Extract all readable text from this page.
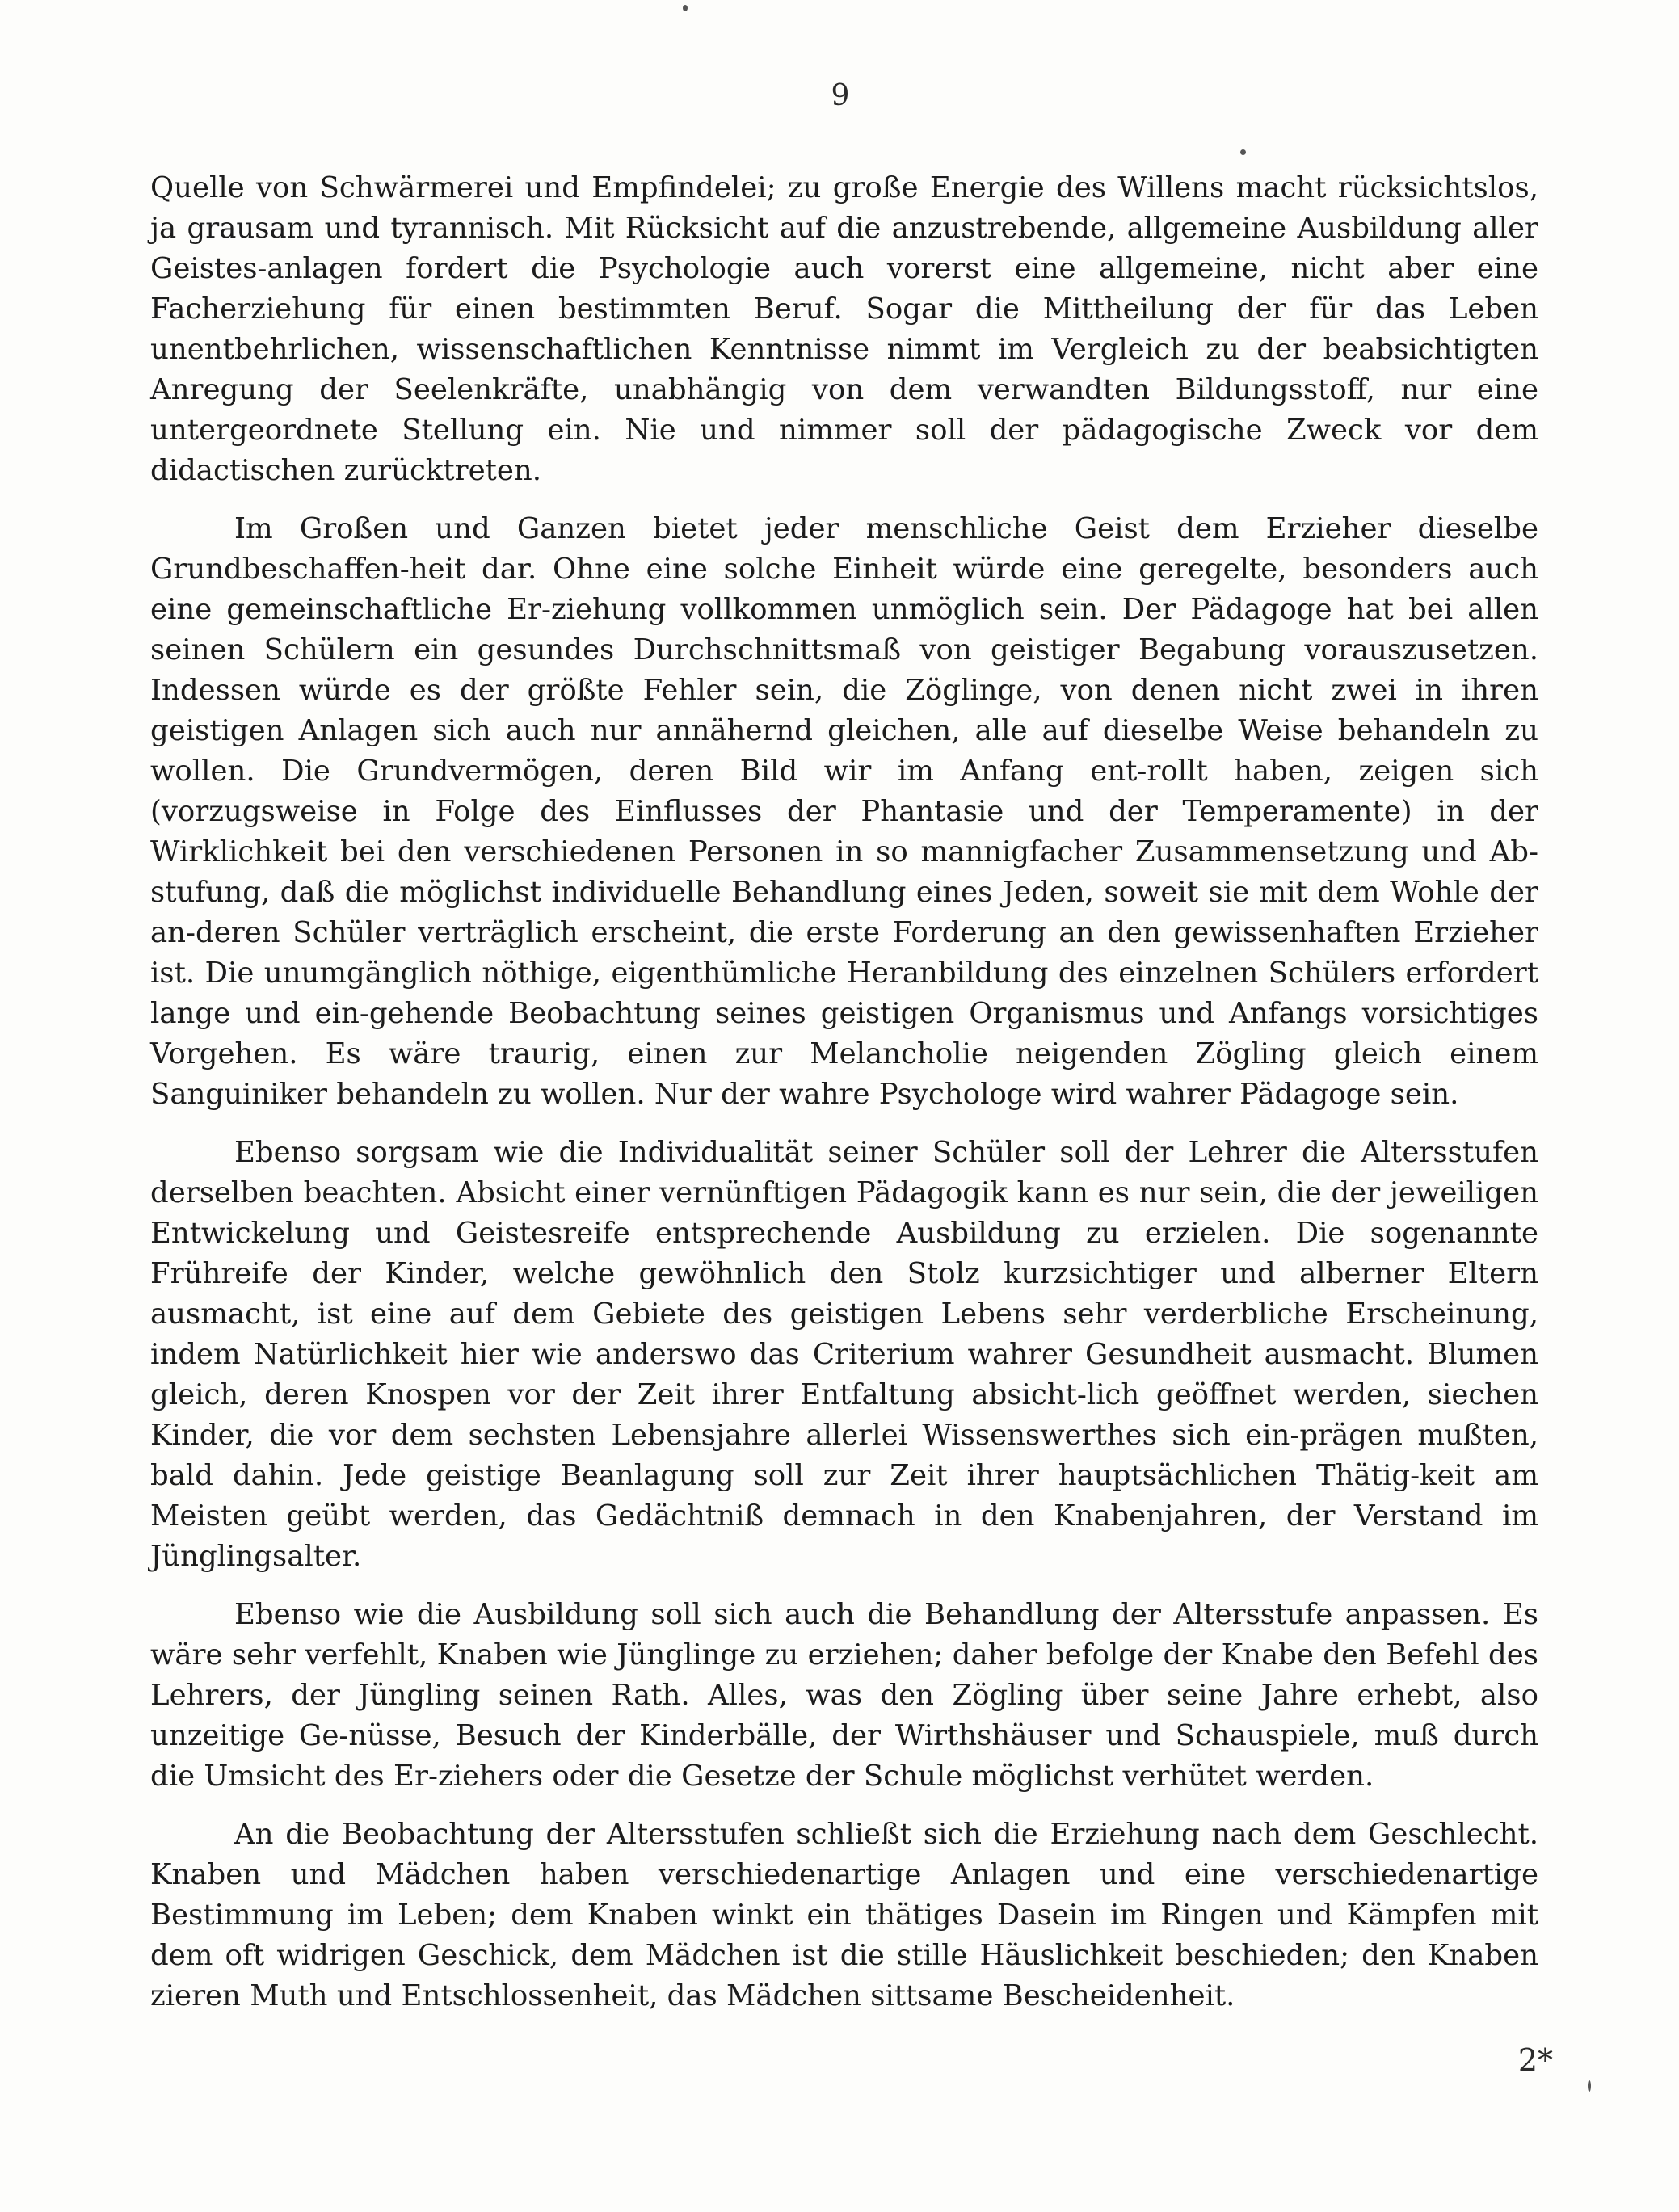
9

Quelle von Schwärmerei und Empfindelei; zu große Energie des Willens macht rücksichtslos, ja grausam und tyrannisch. Mit Rücksicht auf die anzustrebende, allgemeine Ausbildung aller Geistes-anlagen fordert die Psychologie auch vorerst eine allgemeine, nicht aber eine Facherziehung für einen bestimmten Beruf. Sogar die Mittheilung der für das Leben unentbehrlichen, wissenschaftlichen Kenntnisse nimmt im Vergleich zu der beabsichtigten Anregung der Seelenkräfte, unabhängig von dem verwandten Bildungsstoff, nur eine untergeordnete Stellung ein. Nie und nimmer soll der pädagogische Zweck vor dem didactischen zurücktreten.

Im Großen und Ganzen bietet jeder menschliche Geist dem Erzieher dieselbe Grundbeschaffen-heit dar. Ohne eine solche Einheit würde eine geregelte, besonders auch eine gemeinschaftliche Er-ziehung vollkommen unmöglich sein. Der Pädagoge hat bei allen seinen Schülern ein gesundes Durchschnittsmaß von geistiger Begabung vorauszusetzen. Indessen würde es der größte Fehler sein, die Zöglinge, von denen nicht zwei in ihren geistigen Anlagen sich auch nur annähernd gleichen, alle auf dieselbe Weise behandeln zu wollen. Die Grundvermögen, deren Bild wir im Anfang ent-rollt haben, zeigen sich (vorzugsweise in Folge des Einflusses der Phantasie und der Temperamente) in der Wirklichkeit bei den verschiedenen Personen in so mannigfacher Zusammensetzung und Ab-stufung, daß die möglichst individuelle Behandlung eines Jeden, soweit sie mit dem Wohle der an-deren Schüler verträglich erscheint, die erste Forderung an den gewissenhaften Erzieher ist. Die unumgänglich nöthige, eigenthümliche Heranbildung des einzelnen Schülers erfordert lange und ein-gehende Beobachtung seines geistigen Organismus und Anfangs vorsichtiges Vorgehen. Es wäre traurig, einen zur Melancholie neigenden Zögling gleich einem Sanguiniker behandeln zu wollen. Nur der wahre Psychologe wird wahrer Pädagoge sein.

Ebenso sorgsam wie die Individualität seiner Schüler soll der Lehrer die Altersstufen derselben beachten. Absicht einer vernünftigen Pädagogik kann es nur sein, die der jeweiligen Entwickelung und Geistesreife entsprechende Ausbildung zu erzielen. Die sogenannte Frühreife der Kinder, welche gewöhnlich den Stolz kurzsichtiger und alberner Eltern ausmacht, ist eine auf dem Gebiete des geistigen Lebens sehr verderbliche Erscheinung, indem Natürlichkeit hier wie anderswo das Criterium wahrer Gesundheit ausmacht. Blumen gleich, deren Knospen vor der Zeit ihrer Entfaltung absicht-lich geöffnet werden, siechen Kinder, die vor dem sechsten Lebensjahre allerlei Wissenswerthes sich ein-prägen mußten, bald dahin. Jede geistige Beanlagung soll zur Zeit ihrer hauptsächlichen Thätig-keit am Meisten geübt werden, das Gedächtniß demnach in den Knabenjahren, der Verstand im Jünglingsalter.

Ebenso wie die Ausbildung soll sich auch die Behandlung der Altersstufe anpassen. Es wäre sehr verfehlt, Knaben wie Jünglinge zu erziehen; daher befolge der Knabe den Befehl des Lehrers, der Jüngling seinen Rath. Alles, was den Zögling über seine Jahre erhebt, also unzeitige Ge-nüsse, Besuch der Kinderbälle, der Wirthshäuser und Schauspiele, muß durch die Umsicht des Er-ziehers oder die Gesetze der Schule möglichst verhütet werden.

An die Beobachtung der Altersstufen schließt sich die Erziehung nach dem Geschlecht. Knaben und Mädchen haben verschiedenartige Anlagen und eine verschiedenartige Bestimmung im Leben; dem Knaben winkt ein thätiges Dasein im Ringen und Kämpfen mit dem oft widrigen Geschick, dem Mädchen ist die stille Häuslichkeit beschieden; den Knaben zieren Muth und Entschlossenheit, das Mädchen sittsame Bescheidenheit.

2*
